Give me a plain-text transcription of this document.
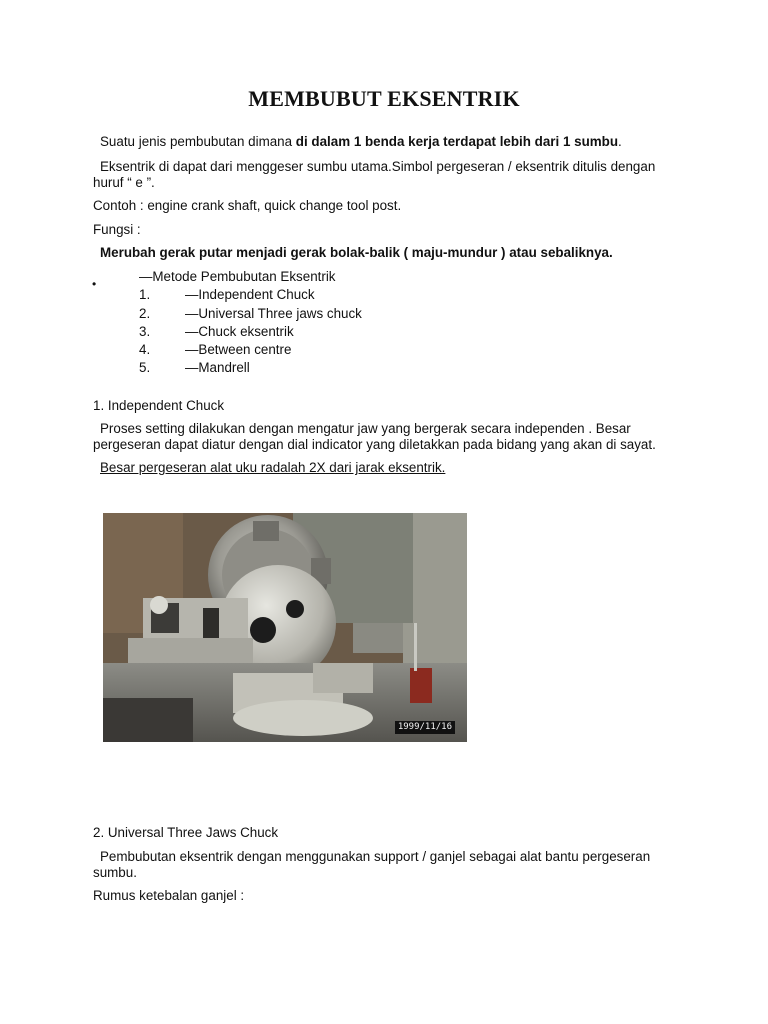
MEMBUBUT EKSENTRIK
Suatu jenis pembubutan dimana di dalam 1 benda kerja terdapat lebih dari 1 sumbu.
Eksentrik di dapat dari menggeser sumbu utama.Simbol pergeseran / eksentrik ditulis dengan huruf “ e ”.
Contoh : engine crank shaft, quick change tool post.
Fungsi :
Merubah gerak putar menjadi gerak bolak-balik ( maju-mundur ) atau sebaliknya.
•	—Metode Pembubutan Eksentrik
1.	—Independent Chuck
2.	—Universal Three jaws chuck
3.	—Chuck eksentrik
4.	—Between centre
5.	—Mandrell
1. Independent Chuck
Proses setting dilakukan dengan mengatur jaw yang bergerak secara independen . Besar pergeseran dapat diatur dengan dial indicator yang diletakkan pada bidang yang akan di sayat.
Besar pergeseran alat uku radalah 2X dari jarak eksentrik.
1999/11/16
2. Universal Three Jaws Chuck
Pembubutan eksentrik dengan menggunakan support / ganjel sebagai alat bantu pergeseran sumbu.
Rumus ketebalan ganjel :
